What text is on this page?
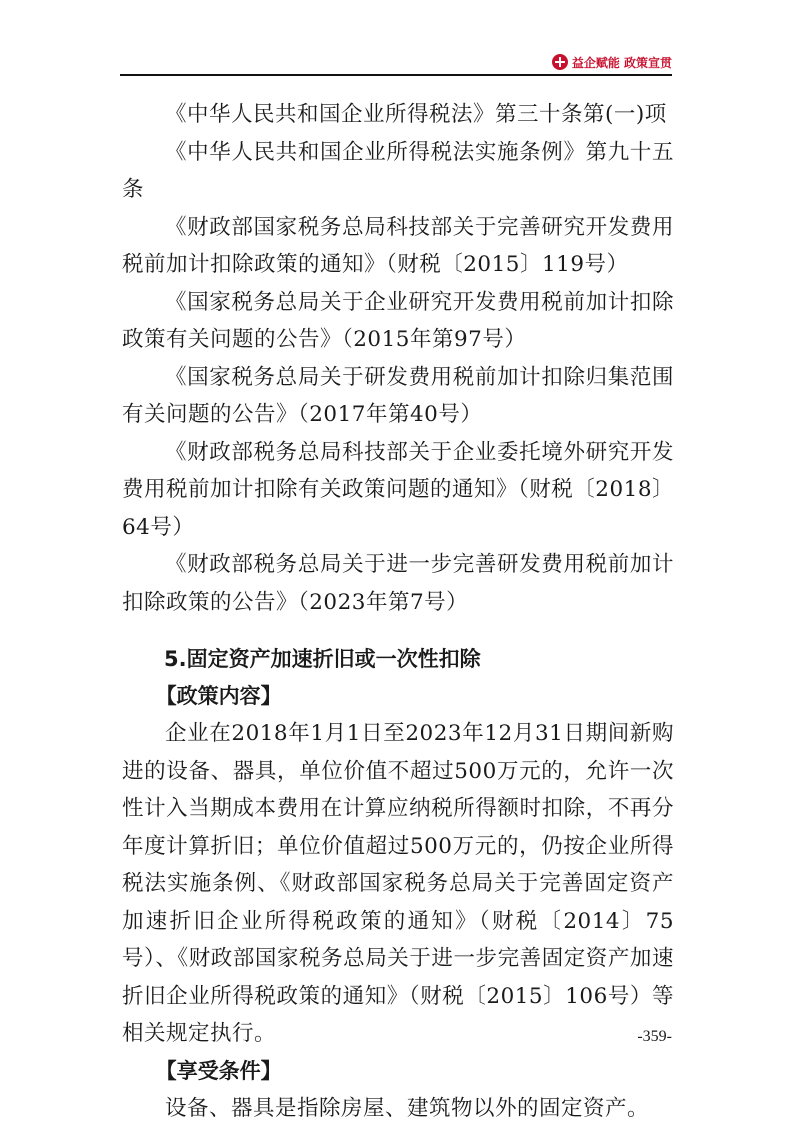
益企赋能 政策宣贯

《中华人民共和国企业所得税法》第三十条第(一)项

《中华人民共和国企业所得税法实施条例》第九十五条

《财政部国家税务总局科技部关于完善研究开发费用税前加计扣除政策的通知》（财税〔2015〕119号）

《国家税务总局关于企业研究开发费用税前加计扣除政策有关问题的公告》（2015年第97号）

《国家税务总局关于研发费用税前加计扣除归集范围有关问题的公告》（2017年第40号）

《财政部税务总局科技部关于企业委托境外研究开发费用税前加计扣除有关政策问题的通知》（财税〔2018〕64号）

《财政部税务总局关于进一步完善研发费用税前加计扣除政策的公告》（2023年第7号）

5.固定资产加速折旧或一次性扣除
【政策内容】

企业在2018年1月1日至2023年12月31日期间新购进的设备、器具，单位价值不超过500万元的，允许一次性计入当期成本费用在计算应纳税所得额时扣除，不再分年度计算折旧；单位价值超过500万元的，仍按企业所得税法实施条例、《财政部国家税务总局关于完善固定资产加速折旧企业所得税政策的通知》（财税〔2014〕75号）、《财政部国家税务总局关于进一步完善固定资产加速折旧企业所得税政策的通知》（财税〔2015〕106号）等相关规定执行。

【享受条件】

设备、器具是指除房屋、建筑物以外的固定资产。

-359-
